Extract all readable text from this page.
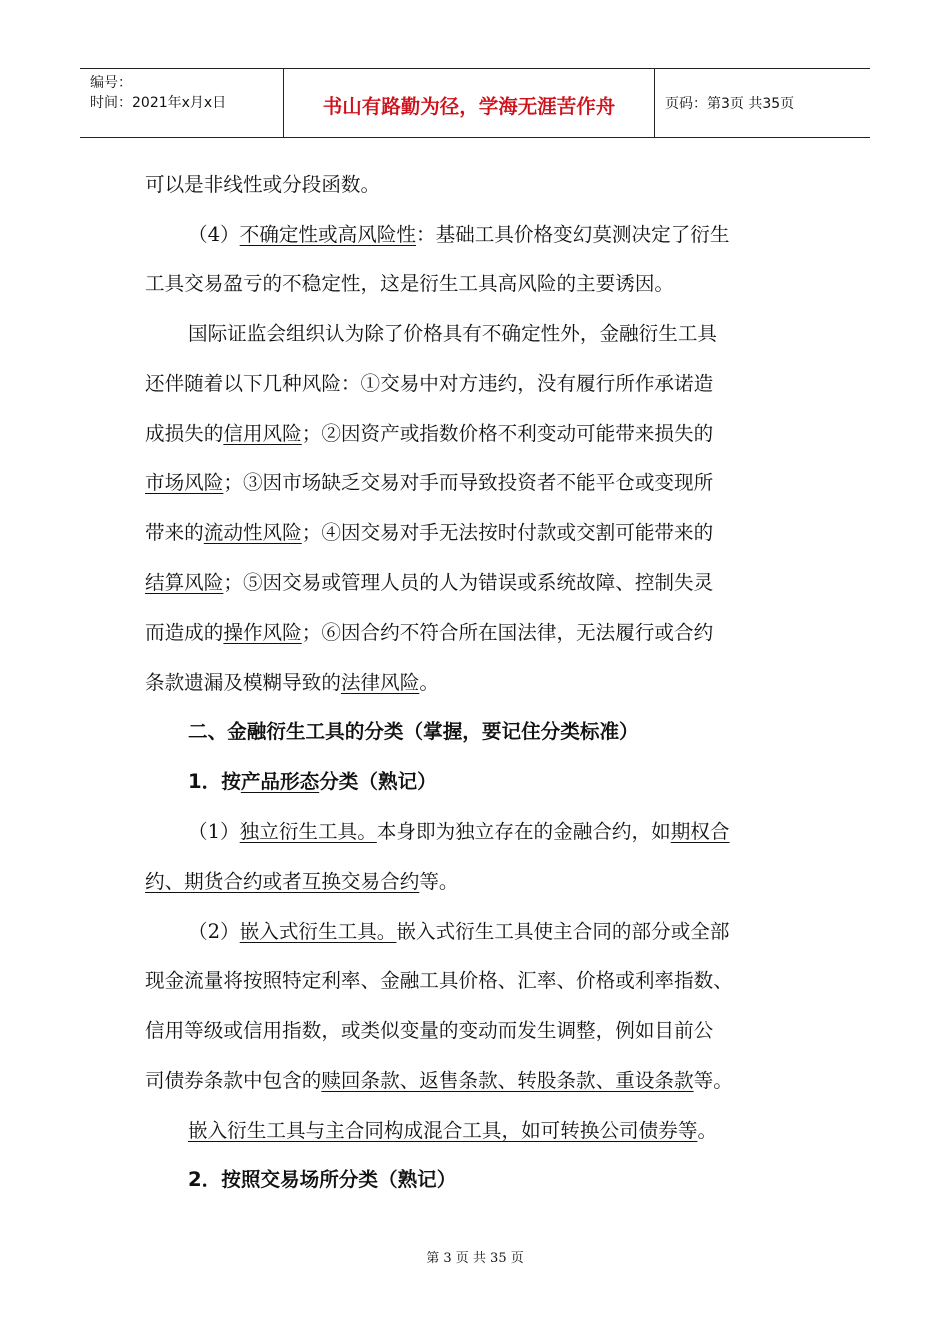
编号：
时间：2021年x月x日	书山有路勤为径，学海无涯苦作舟	页码：第3页 共35页
可以是非线性或分段函数。
（4）不确定性或高风险性：基础工具价格变幻莫测决定了衍生
工具交易盈亏的不稳定性，这是衍生工具高风险的主要诱因。
国际证监会组织认为除了价格具有不确定性外，金融衍生工具
还伴随着以下几种风险：①交易中对方违约，没有履行所作承诺造
成损失的信用风险；②因资产或指数价格不利变动可能带来损失的
市场风险；③因市场缺乏交易对手而导致投资者不能平仓或变现所
带来的流动性风险；④因交易对手无法按时付款或交割可能带来的
结算风险；⑤因交易或管理人员的人为错误或系统故障、控制失灵
而造成的操作风险；⑥因合约不符合所在国法律，无法履行或合约
条款遗漏及模糊导致的法律风险。
二、金融衍生工具的分类（掌握，要记住分类标准）
1．按产品形态分类（熟记）
（1）独立衍生工具。本身即为独立存在的金融合约，如期权合
约、期货合约或者互换交易合约等。
（2）嵌入式衍生工具。嵌入式衍生工具使主合同的部分或全部
现金流量将按照特定利率、金融工具价格、汇率、价格或利率指数、
信用等级或信用指数，或类似变量的变动而发生调整，例如目前公
司债券条款中包含的赎回条款、返售条款、转股条款、重设条款等。
嵌入衍生工具与主合同构成混合工具，如可转换公司债券等。
2．按照交易场所分类（熟记）
第 3 页 共 35 页
